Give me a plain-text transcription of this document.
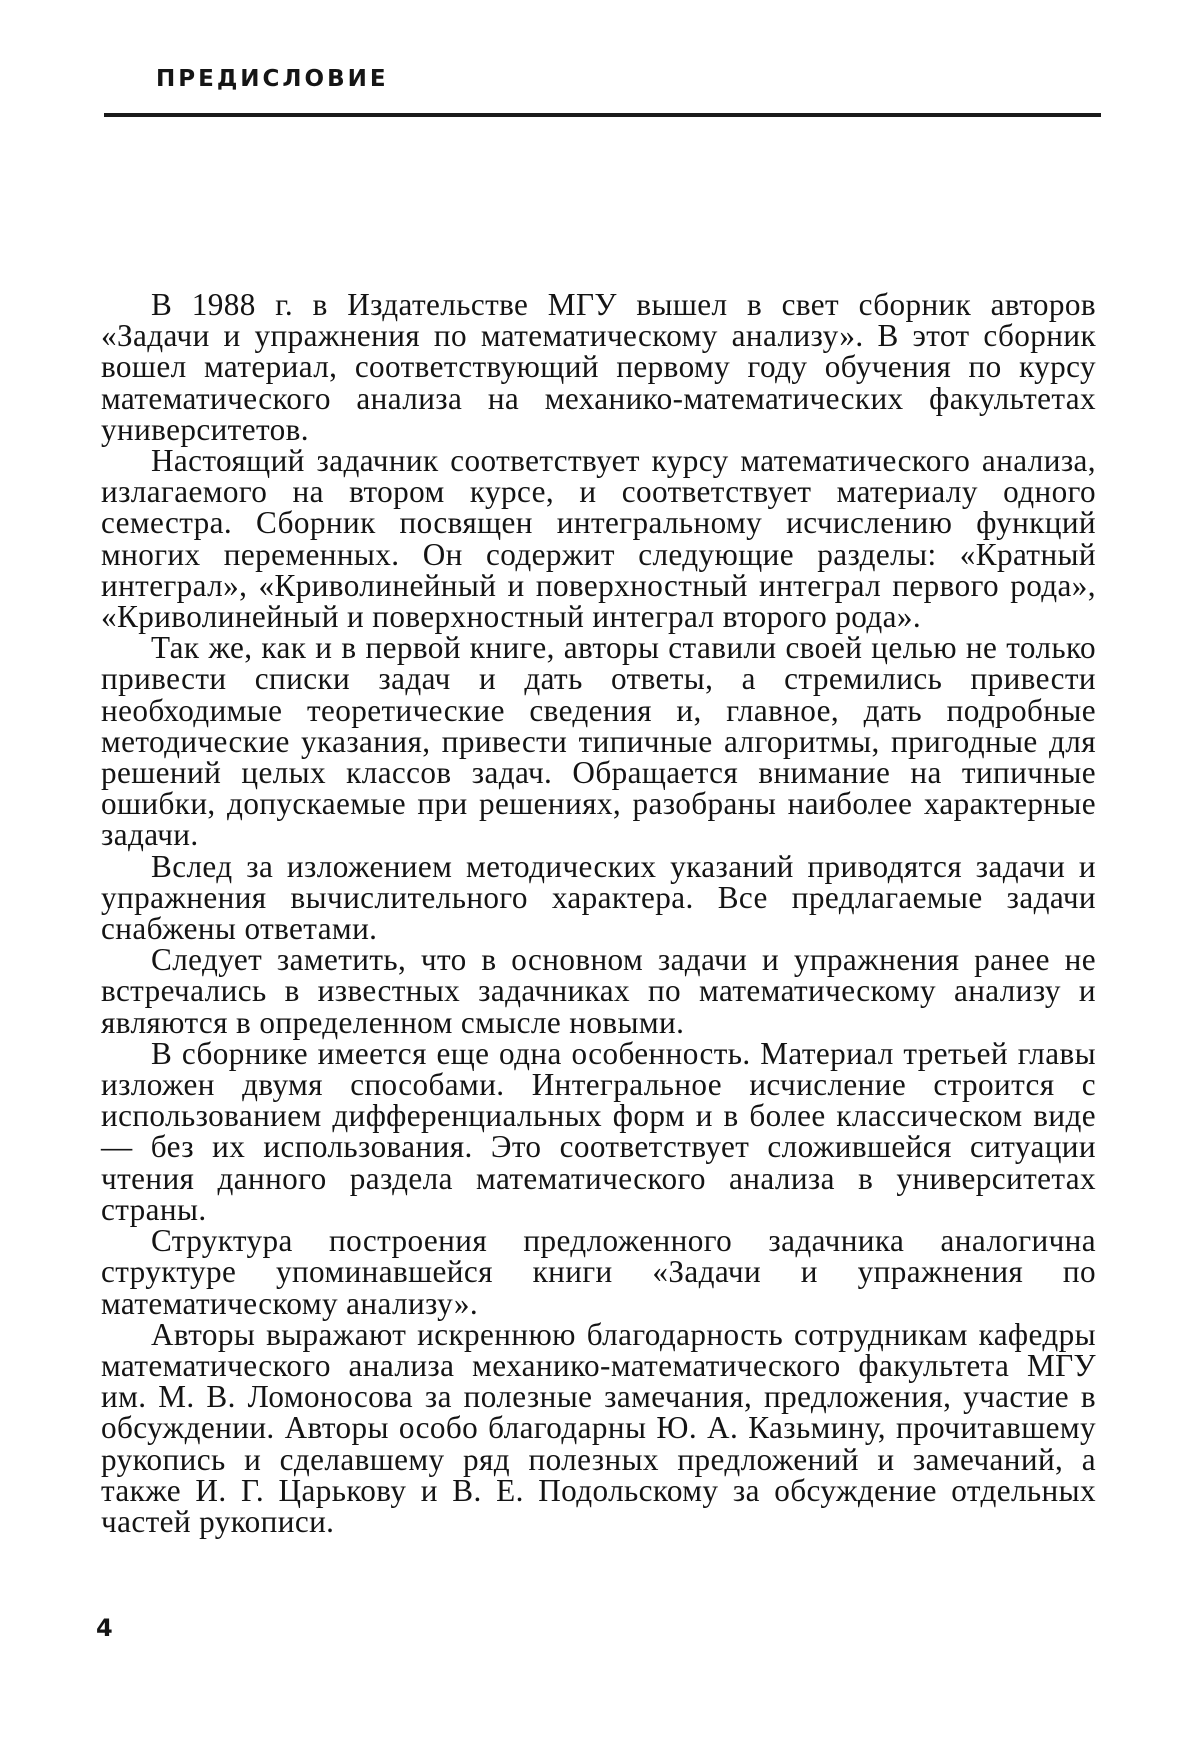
ПРЕДИСЛОВИЕ

В 1988 г. в Издательстве МГУ вышел в свет сборник авторов «Задачи и упражнения по математическому анализу». В этот сборник вошел материал, соответствующий первому году обучения по курсу математического анализа на механико-математических факультетах университетов.

Настоящий задачник соответствует курсу математического анализа, излагаемого на втором курсе, и соответствует материалу одного семестра. Сборник посвящен интегральному исчислению функций многих переменных. Он содержит следующие разделы: «Кратный интеграл», «Криволинейный и поверхностный интеграл первого рода», «Криволинейный и поверхностный интеграл второго рода».

Так же, как и в первой книге, авторы ставили своей целью не только привести списки задач и дать ответы, а стремились привести необходимые теоретические сведения и, главное, дать подробные методические указания, привести типичные алгоритмы, пригодные для решений целых классов задач. Обращается внимание на типичные ошибки, допускаемые при решениях, разобраны наиболее характерные задачи.

Вслед за изложением методических указаний приводятся задачи и упражнения вычислительного характера. Все предлагаемые задачи снабжены ответами.

Следует заметить, что в основном задачи и упражнения ранее не встречались в известных задачниках по математическому анализу и являются в определенном смысле новыми.

В сборнике имеется еще одна особенность. Материал третьей главы изложен двумя способами. Интегральное исчисление строится с использованием дифференциальных форм и в более классическом виде — без их использования. Это соответствует сложившейся ситуации чтения данного раздела математического анализа в университетах страны.

Структура построения предложенного задачника аналогична структуре упоминавшейся книги «Задачи и упражнения по математическому анализу».

Авторы выражают искреннюю благодарность сотрудникам кафедры математического анализа механико-математического факультета МГУ им. М. В. Ломоносова за полезные замечания, предложения, участие в обсуждении. Авторы особо благодарны Ю. А. Казьмину, прочитавшему рукопись и сделавшему ряд полезных предложений и замечаний, а также И. Г. Царькову и В. Е. Подольскому за обсуждение отдельных частей рукописи.

4
